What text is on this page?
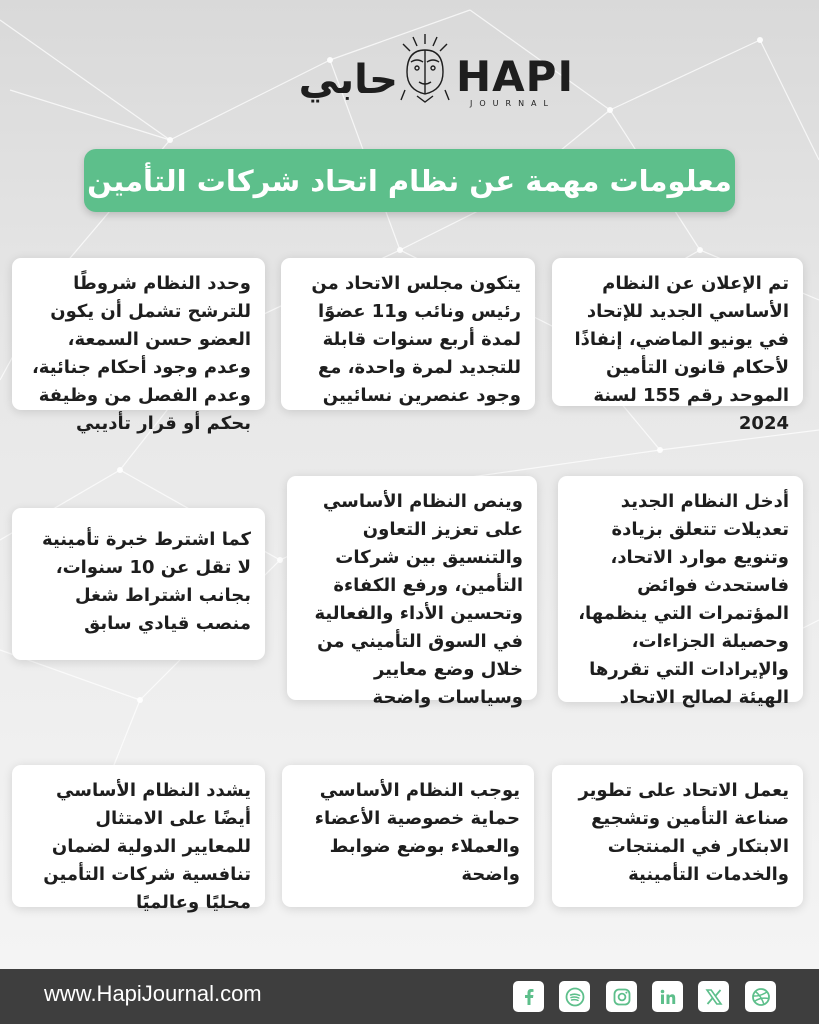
حابي HAPI
JOURNAL
معلومات مهمة عن نظام اتحاد شركات التأمين

تم الإعلان عن النظام الأساسي الجديد للإتحاد في يونيو الماضي، إنفاذًا لأحكام قانون التأمين الموحد رقم 155 لسنة 2024

يتكون مجلس الاتحاد من رئيس ونائب و11 عضوًا لمدة أربع سنوات قابلة للتجديد لمرة واحدة، مع وجود عنصرين نسائيين

وحدد النظام شروطًا للترشح تشمل أن يكون العضو حسن السمعة، وعدم وجود أحكام جنائية، وعدم الفصل من وظيفة بحكم أو قرار تأديبي

أدخل النظام الجديد تعديلات تتعلق بزيادة وتنويع موارد الاتحاد، فاستحدث فوائض المؤتمرات التي ينظمها، وحصيلة الجزاءات، والإيرادات التي تقررها الهيئة لصالح الاتحاد

وينص النظام الأساسي على تعزيز التعاون والتنسيق بين شركات التأمين، ورفع الكفاءة وتحسين الأداء والفعالية في السوق التأميني من خلال وضع معايير وسياسات واضحة

كما اشترط خبرة تأمينية لا تقل عن 10 سنوات، بجانب اشتراط شغل منصب قيادي سابق

يعمل الاتحاد على تطوير صناعة التأمين وتشجيع الابتكار في المنتجات والخدمات التأمينية

يوجب النظام الأساسي حماية خصوصية الأعضاء والعملاء بوضع ضوابط واضحة

يشدد النظام الأساسي أيضًا على الامتثال للمعايير الدولية لضمان تنافسية شركات التأمين محليًا وعالميًا

www.HapiJournal.com
